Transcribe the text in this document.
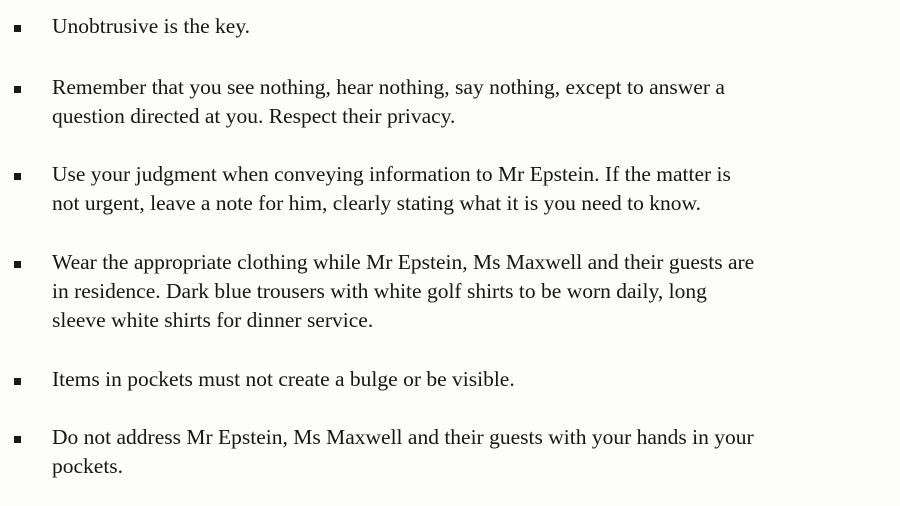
Unobtrusive is the key.
Remember that you see nothing, hear nothing, say nothing, except to answer a
question directed at you. Respect their privacy.
Use your judgment when conveying information to Mr Epstein. If the matter is
not urgent, leave a note for him, clearly stating what it is you need to know.
Wear the appropriate clothing while Mr Epstein, Ms Maxwell and their guests are
in residence. Dark blue trousers with white golf shirts to be worn daily, long
sleeve white shirts for dinner service.
Items in pockets must not create a bulge or be visible.
Do not address Mr Epstein, Ms Maxwell and their guests with your hands in your
pockets.
